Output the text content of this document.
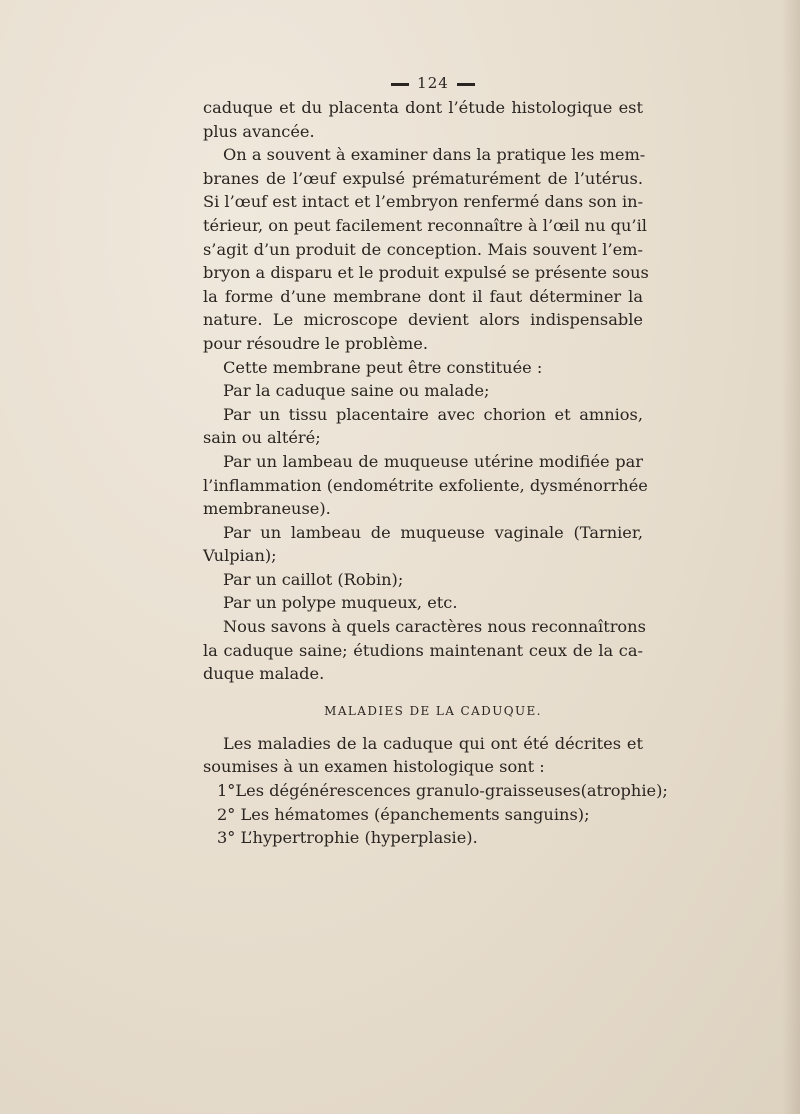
124

caduque et du placenta dont l’étude histologique est

plus avancée.

On a souvent à examiner dans la pratique les mem-

branes de l’œuf expulsé prématurément de l’utérus.

Si l’œuf est intact et l’embryon renfermé dans son in-

térieur, on peut facilement reconnaître à l’œil nu qu’il

s’agit d’un produit de conception. Mais souvent l’em-

bryon a disparu et le produit expulsé se présente sous

la forme d’une membrane dont il faut déterminer la

nature. Le microscope devient alors indispensable

pour résoudre le problème.

Cette membrane peut être constituée :

Par la caduque saine ou malade;

Par un tissu placentaire avec chorion et amnios,

sain ou altéré;

Par un lambeau de muqueuse utérine modifiée par

l’inflammation (endométrite exfoliente, dysménorrhée

membraneuse).

Par un lambeau de muqueuse vaginale (Tarnier,

Vulpian);

Par un caillot (Robin);

Par un polype muqueux, etc.

Nous savons à quels caractères nous reconnaîtrons

la caduque saine; étudions maintenant ceux de la ca-

duque malade.

MALADIES DE LA CADUQUE.

Les maladies de la caduque qui ont été décrites et

soumises à un examen histologique sont :

1°Les dégénérescences granulo-graisseuses(atrophie);

2° Les hématomes (épanchements sanguins);

3° L’hypertrophie (hyperplasie).
